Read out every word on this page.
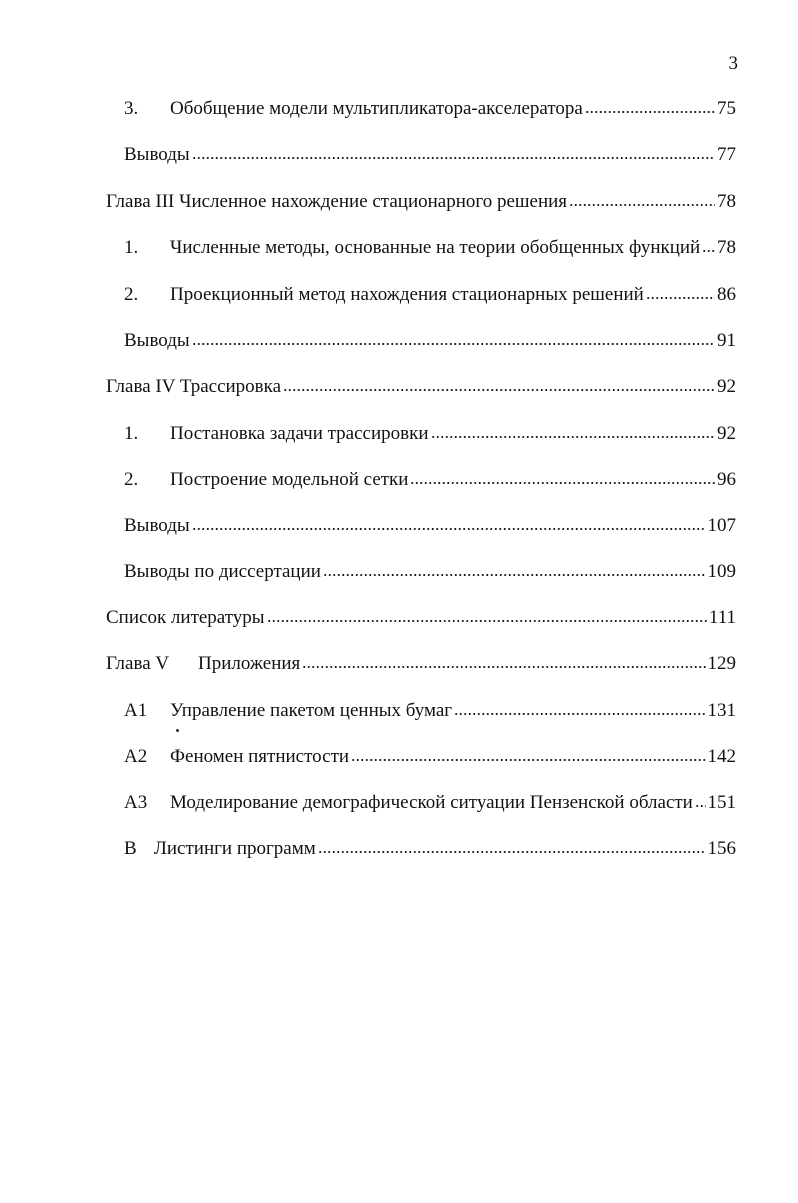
3
3.	Обобщение модели мультипликатора-акселератора	75
Выводы	77
Глава III Численное нахождение стационарного решения	78
1.	Численные методы, основанные на теории обобщенных функций 78
2.	Проекционный метод нахождения стационарных решений	86
Выводы	91
Глава IV Трассировка	92
1.	Постановка задачи трассировки	92
2.	Построение модельной сетки	96
Выводы	107
Выводы по диссертации	109
Список литературы	111
Глава V	Приложения	129
A1	Управление пакетом ценных бумаг	131
A2	Феномен пятнистости	142
A3	Моделирование демографической ситуации Пензенской области 151
B Листинги программ	156
